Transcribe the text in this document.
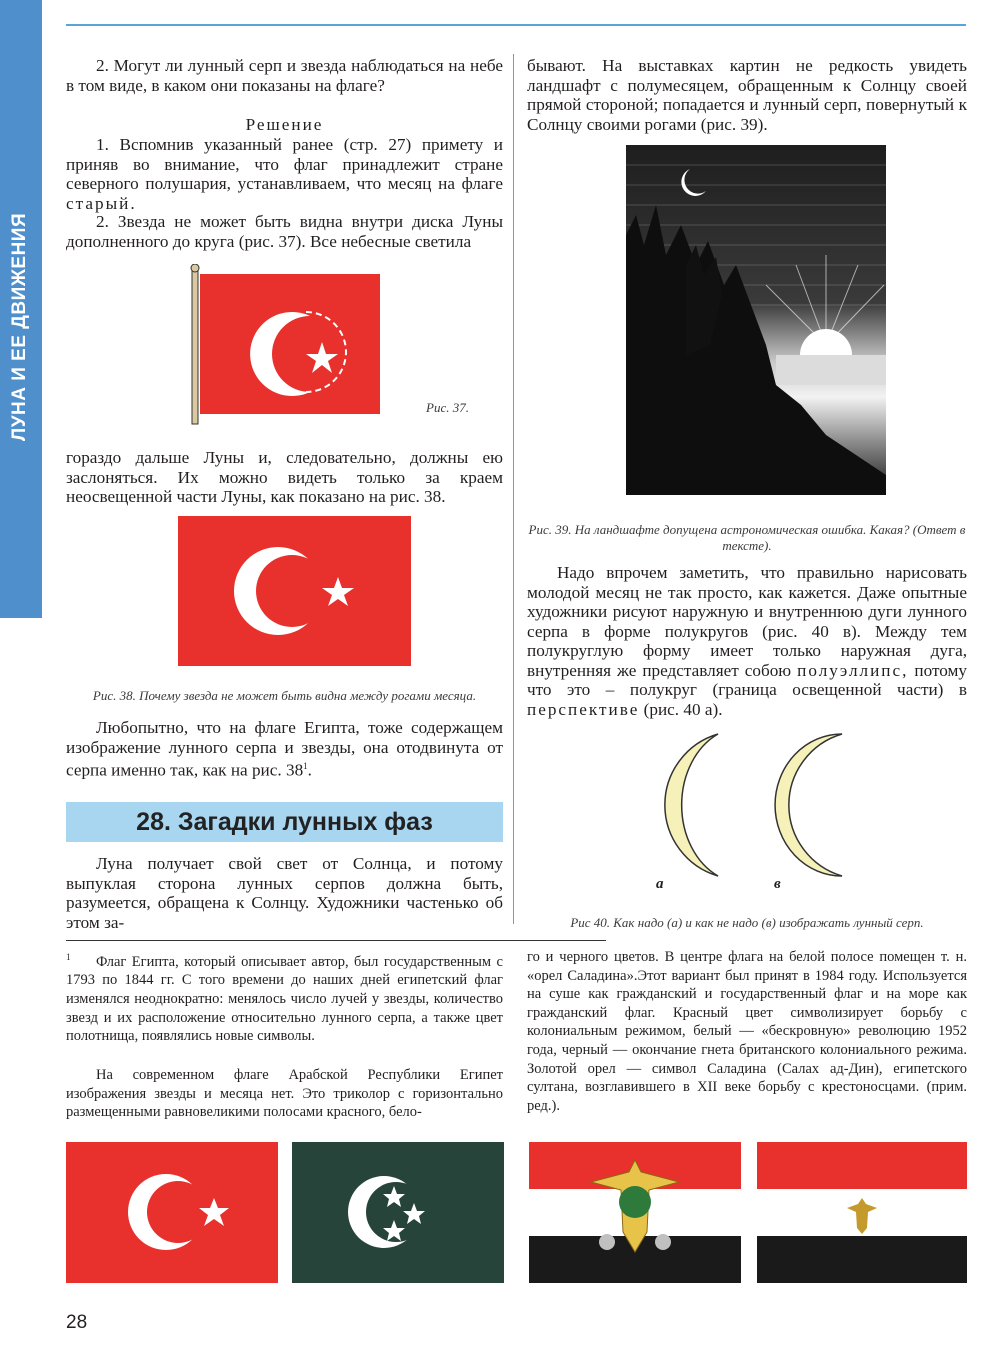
ЛУНА И ЕЕ ДВИЖЕНИЯ

2. Могут ли лунный серп и звезда наблюдаться на небе в том виде, в каком они показаны на флаге?

Решение

1. Вспомнив указанный ранее (стр. 27) примету и приняв во внимание, что флаг принадлежит стране северного полушария, устанавливаем, что месяц на флаге старый.

2. Звезда не может быть видна внутри диска Луны дополненного до круга (рис. 37). Все небесные светила

Рис. 37.

гораздо дальше Луны и, следовательно, должны ею заслоняться. Их можно видеть только за краем неосвещенной части Луны, как показано на рис. 38.

Рис. 38. Почему звезда не может быть видна между рогами месяца.

Любопытно, что на флаге Египта, тоже содержащем изображение лунного серпа и звезды, она отодвинута от серпа именно так, как на рис. $38^1$.

28. Загадки лунных фаз

Луна получает свой свет от Солнца, и потому выпуклая сторона лунных серпов должна быть, разумеется, обращена к Солнцу. Художники частенько об этом за-

бывают. На выставках картин не редкость увидеть ландшафт с полумесяцем, обращенным к Солнцу своей прямой стороной; попадается и лунный серп, повернутый к Солнцу своими рогами (рис. 39).

Рис. 39. На ландшафте допущена астрономическая ошибка. Какая? (Ответ в тексте).

Надо впрочем заметить, что правильно нарисовать молодой месяц не так просто, как кажется. Даже опытные художники рисуют наружную и внутреннюю дуги лунного серпа в форме полукругов (рис. 40 в). Между тем полукруглую форму имеет только наружная дуга, внутренняя же представляет собою полуэллипс, потому что это – полукруг (граница освещенной части) в перспективе (рис. 40 а).

а	в
Рис 40. Как надо (а) и как не надо (в) изображать лунный серп.

$^1$ Флаг Египта, который описывает автор, был государственным с 1793 по 1844 гг. С того времени до наших дней египетский флаг изменялся неоднократно: менялось число лучей у звезды, количество звезд и их расположение относительно лунного серпа, а также цвет полотнища, появлялись новые символы.

На современном флаге Арабской Республики Египет изображения звезды и месяца нет. Это триколор с горизонтально размещенными равновеликими полосами красного, бело-

го и черного цветов. В центре флага на белой полосе помещен т. н. «орел Саладина».Этот вариант был принят в 1984 году. Используется на суше как гражданский и государственный флаг и на море как гражданский флаг. Красный цвет символизирует борьбу с колониальным режимом, белый — «бескровную» революцию 1952 года, черный — окончание гнета британского колониального режима. Золотой орел — символ Саладина (Салах ад-Дин), египетского султана, возглавившего в XII веке борьбу с крестоносцами. (прим. ред.).

28
